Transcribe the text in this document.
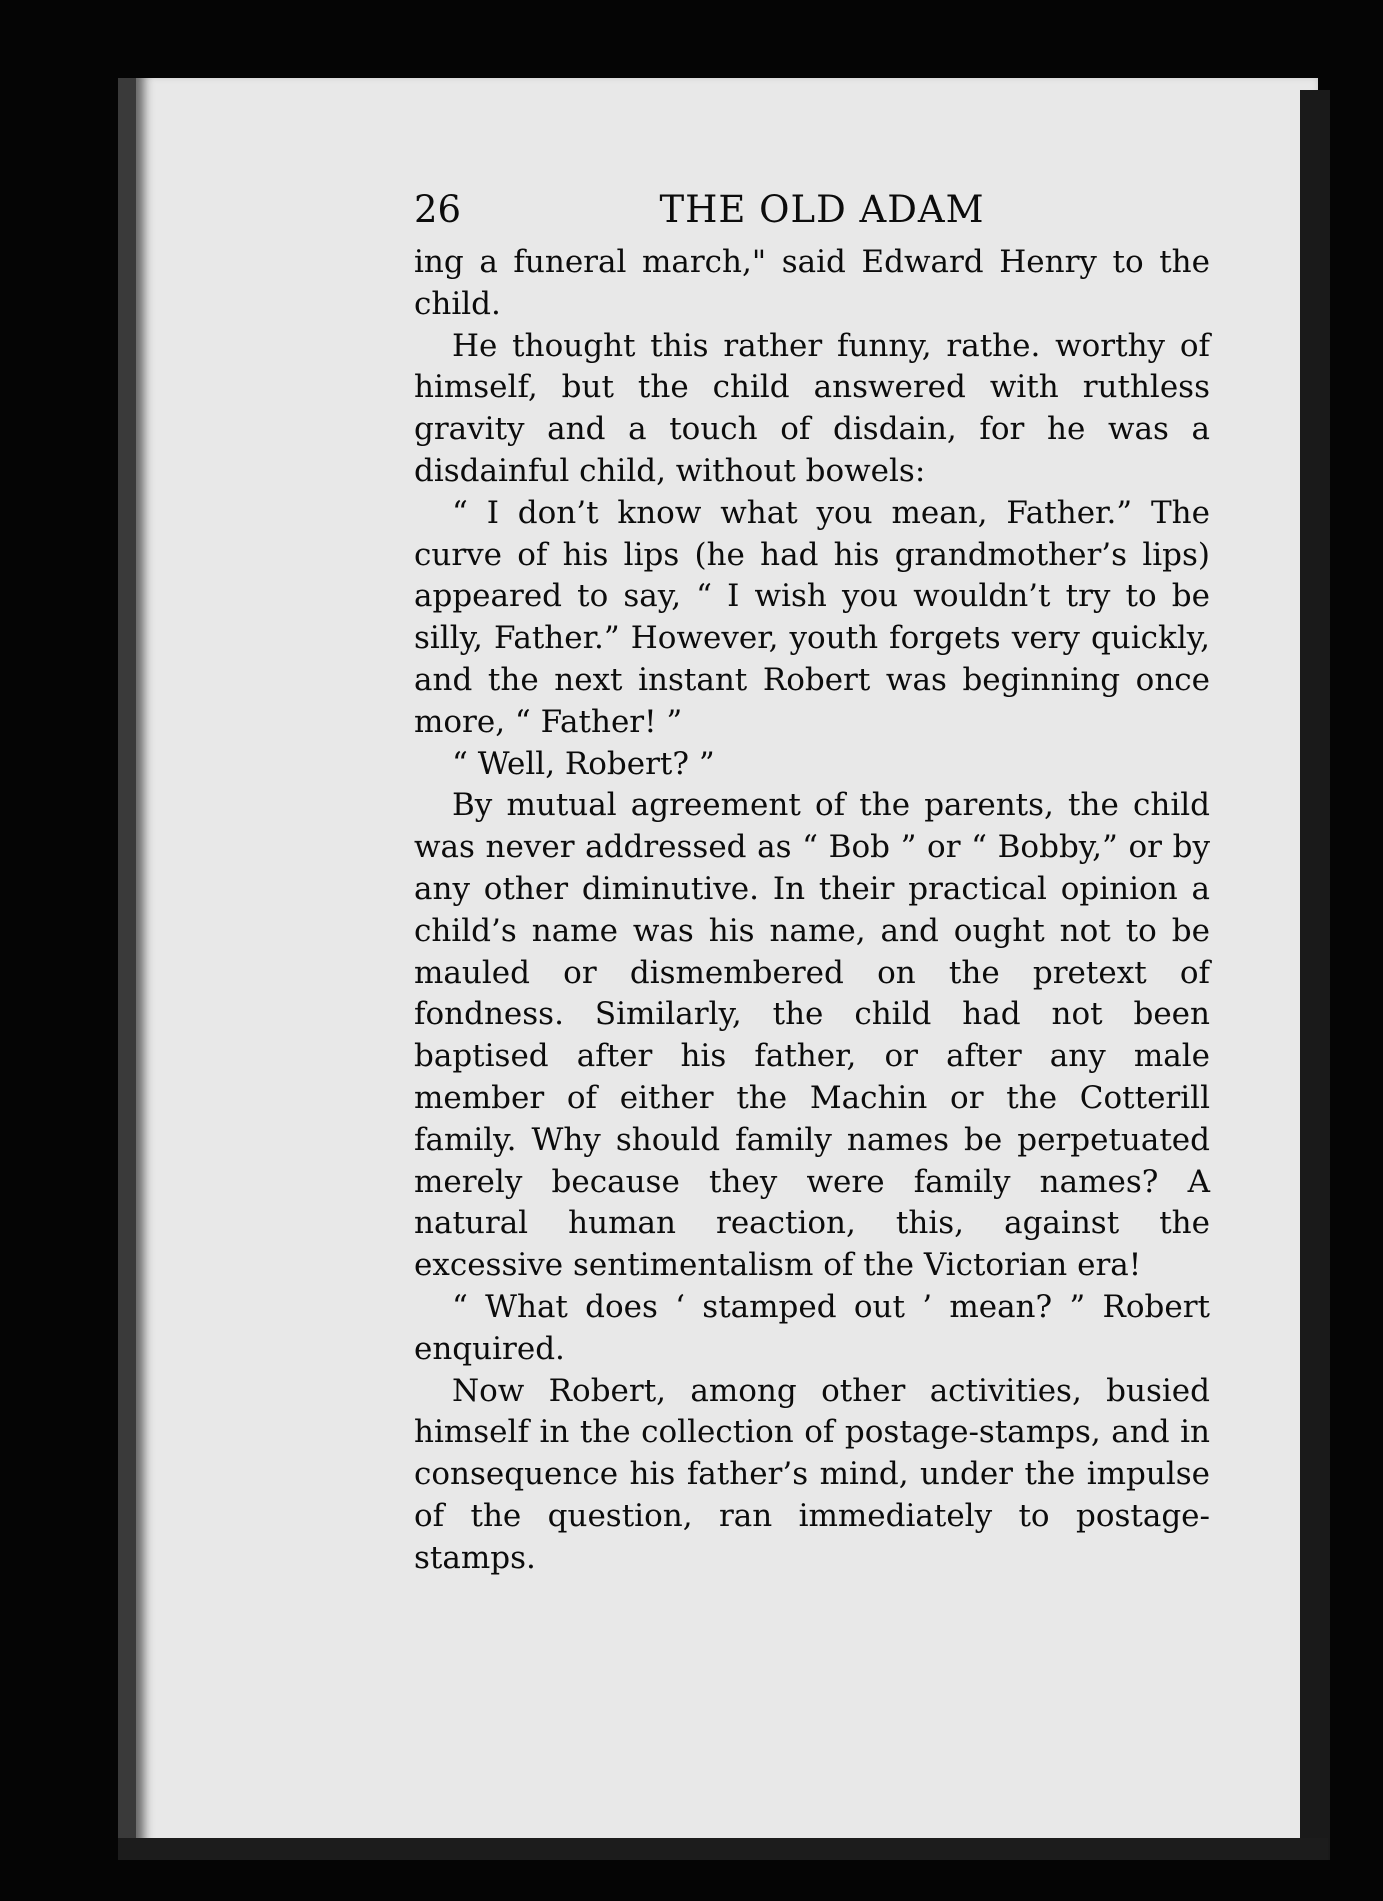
26	THE OLD ADAM

ing a funeral march," said Edward Henry to the child.

He thought this rather funny, rathe. worthy of himself, but the child answered with ruthless gravity and a touch of disdain, for he was a disdainful child, without bowels:

“ I don’t know what you mean, Father.” The curve of his lips (he had his grandmother’s lips) appeared to say, “ I wish you wouldn’t try to be silly, Father.” However, youth forgets very quickly, and the next instant Robert was beginning once more, “ Father! ”

“ Well, Robert? ”

By mutual agreement of the parents, the child was never addressed as “ Bob ” or “ Bobby,” or by any other diminutive. In their practical opinion a child’s name was his name, and ought not to be mauled or dismembered on the pretext of fondness. Similarly, the child had not been baptised after his father, or after any male member of either the Machin or the Cotterill family. Why should family names be perpetuated merely because they were family names? A natural human reaction, this, against the excessive sentimentalism of the Victorian era!

“ What does ‘ stamped out ’ mean? ” Robert enquired.

Now Robert, among other activities, busied himself in the collection of postage-stamps, and in consequence his father’s mind, under the impulse of the question, ran immediately to postage-stamps.
